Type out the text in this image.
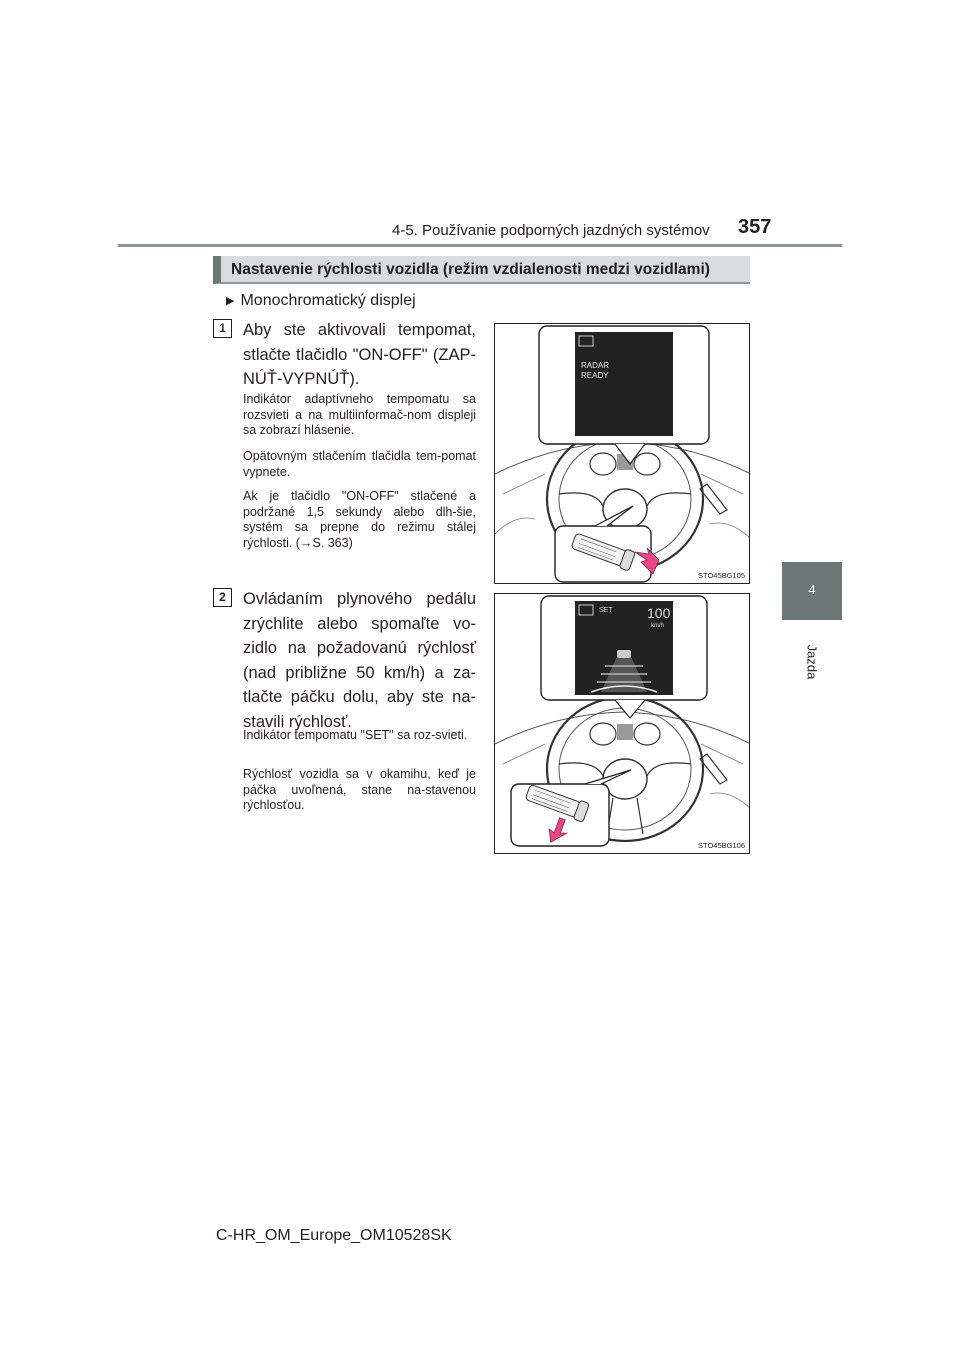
4-5. Používanie podporných jazdných systémov 357
4
Jazda
Nastavenie rýchlosti vozidla (režim vzdialenosti medzi vozidlami)
▶ Monochromatický displej
1	Aby ste aktivovali tempomat, stlačte tlačidlo "ON-OFF" (ZAP-NÚŤ-VYPNÚŤ).

Indikátor adaptívneho tempomatu sa rozsvieti a na multiinformač-nom displeji sa zobrazí hlásenie.

Opätovným stlačením tlačidla tem-pomat vypnete.

Ak je tlačidlo "ON-OFF" stlačené a podržané 1,5 sekundy alebo dlh-šie, systém sa prepne do režimu stálej rýchlosti. (→S. 363)

RADAR
READY
STO45BG105
2	Ovládaním plynového pedálu zrýchlite alebo spomaľte vo-zidlo na požadovanú rýchlosť (nad približne 50 km/h) a za-tlačte páčku dolu, aby ste na-stavili rýchlosť.

Indikátor tempomatu "SET" sa roz-svieti.

Rýchlosť vozidla sa v okamihu, keď je páčka uvoľnená, stane na-stavenou rýchlosťou.

SET 100
km/h
STO45BG106
C-HR_OM_Europe_OM10528SK
